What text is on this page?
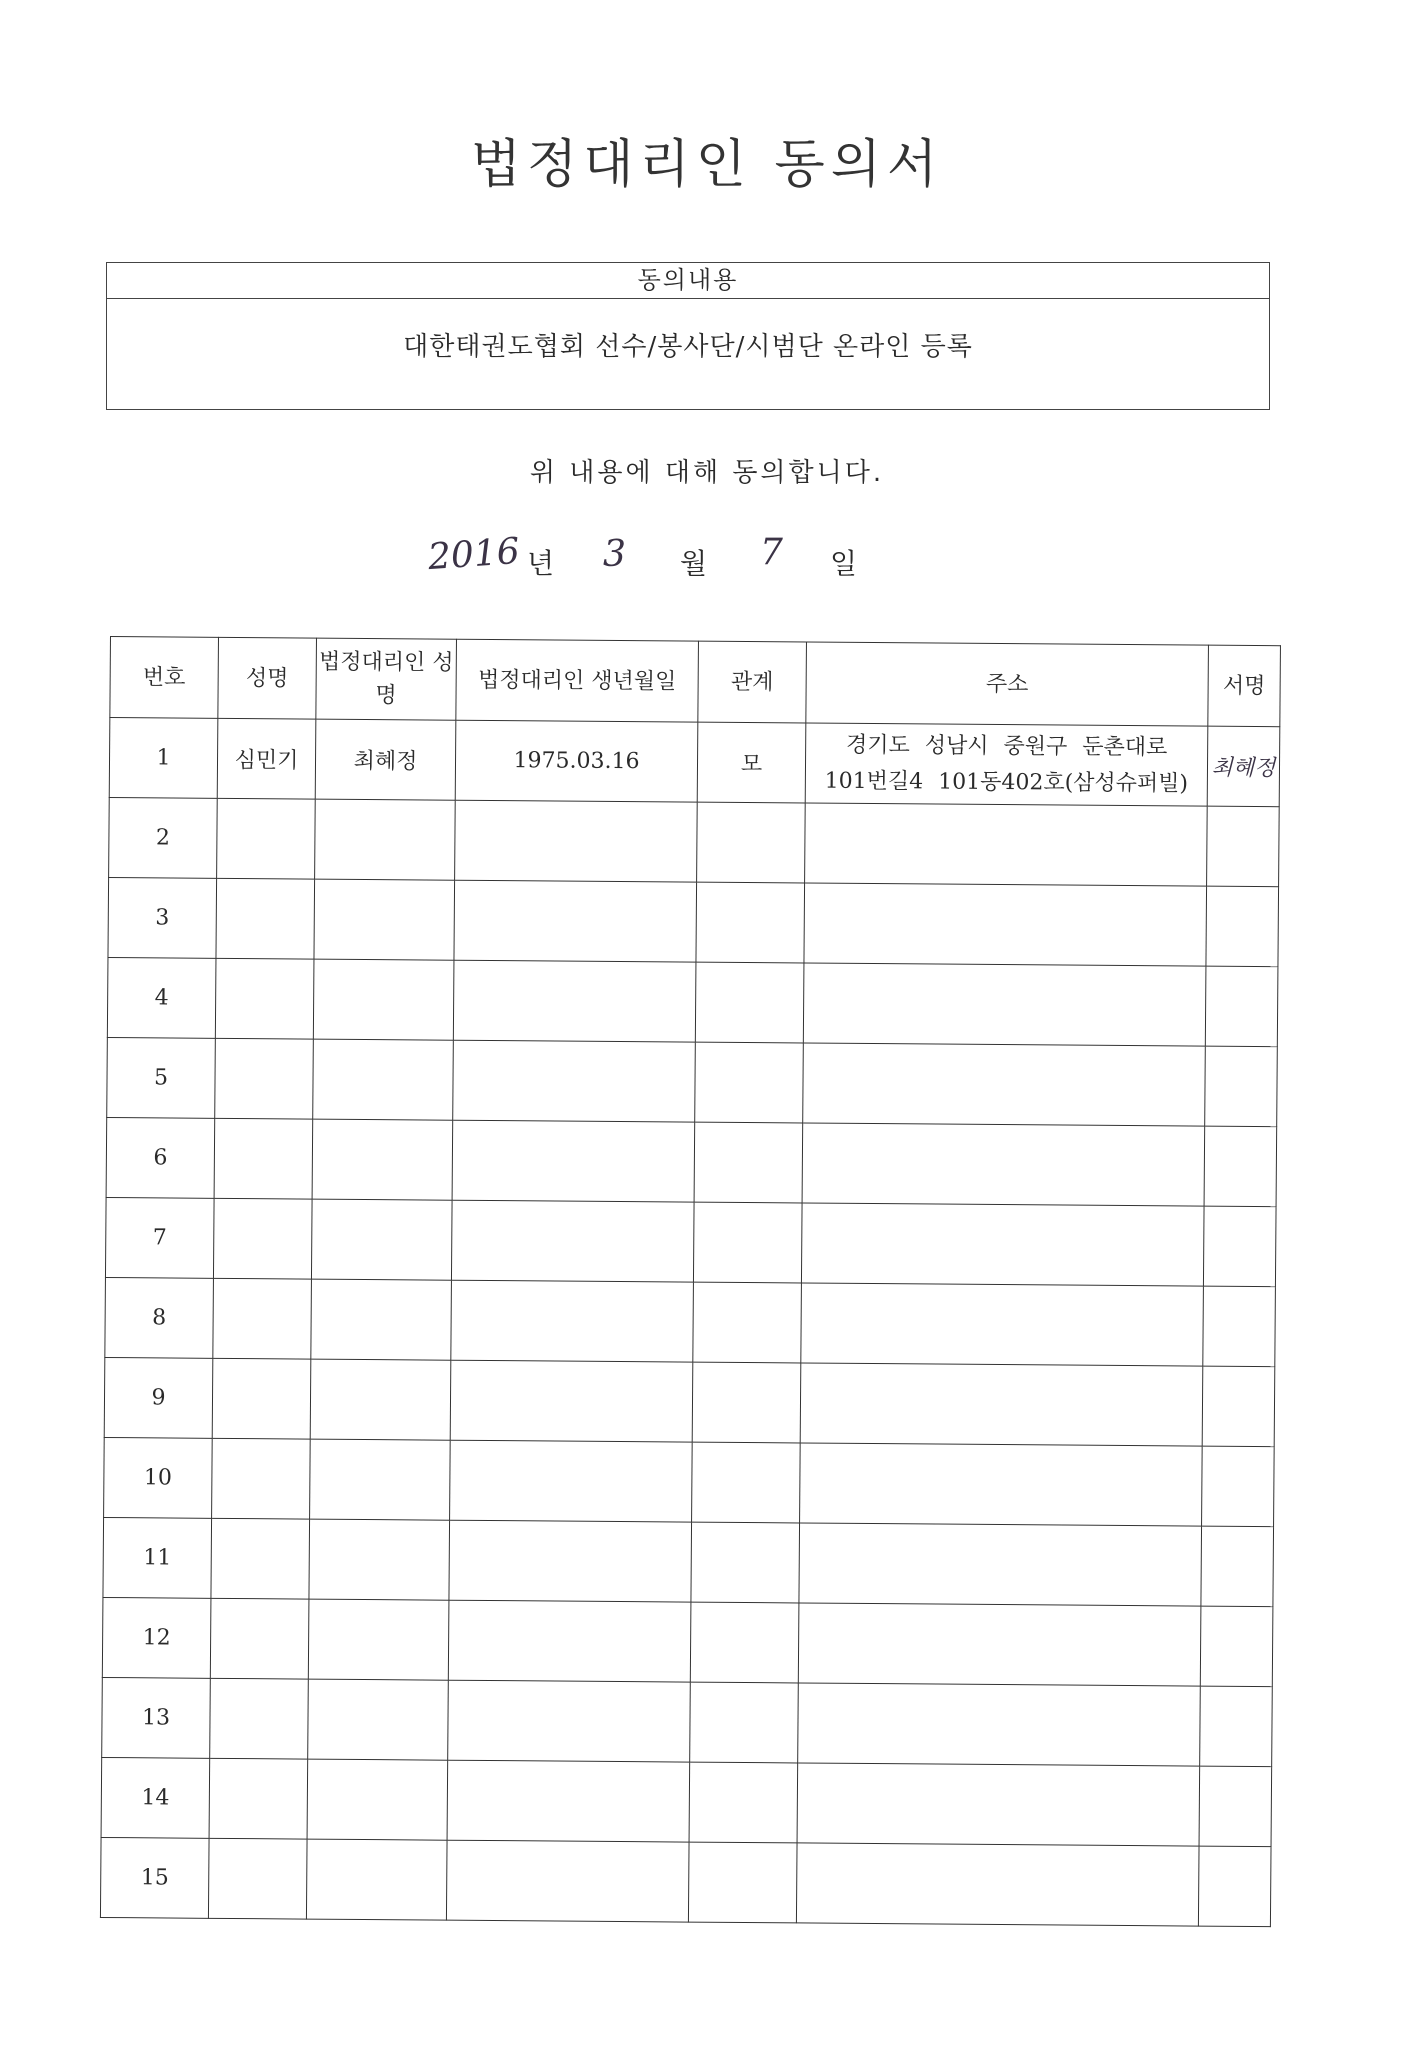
법정대리인 동의서
동의내용
대한태권도협회 선수/봉사단/시범단 온라인 등록
위 내용에 대해 동의합니다.
2016 년 3 월 7 일
번호	성명	법정대리인 성명	법정대리인 생년월일	관계	주소	서명
1	심민기	최혜정	1975.03.16	모	경기도 성남시 중원구 둔촌대로
101번길4 101동402호(삼성슈퍼빌)	최혜정
2						
3						
4						
5						
6						
7						
8						
9						
10						
11						
12						
13						
14						
15						
